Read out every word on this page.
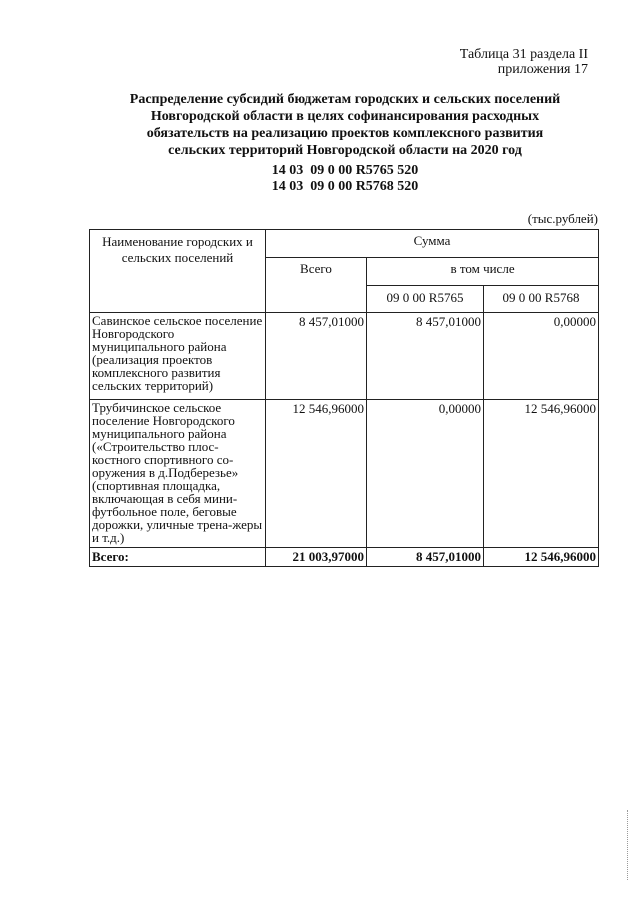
Таблица 31 раздела II
приложения 17
Распределение субсидий бюджетам городских и сельских поселений
Новгородской области в целях софинансирования расходных
обязательств на реализацию проектов комплексного развития
сельских территорий Новгородской области на 2020 год
14 03  09 0 00 R5765 520
14 03  09 0 00 R5768 520
(тыс.рублей)
Наименование городских и сельских поселений	Сумма		
	Всего	в том числе	
		09 0 00 R5765	09 0 00 R5768
Савинское сельское поселение Новгородского муниципального района (реализация проектов комплексного развития сельских территорий)	8 457,01000	8 457,01000	0,00000
Трубичинское сельское поселение Новгородского муниципального района («Строительство плос-костного спортивного со-оружения в д.Подберезье» (спортивная площадка, включающая в себя мини-футбольное поле, беговые дорожки, уличные трена-жеры и т.д.)	12 546,96000	0,00000	12 546,96000
Всего:	21 003,97000	8 457,01000	12 546,96000
